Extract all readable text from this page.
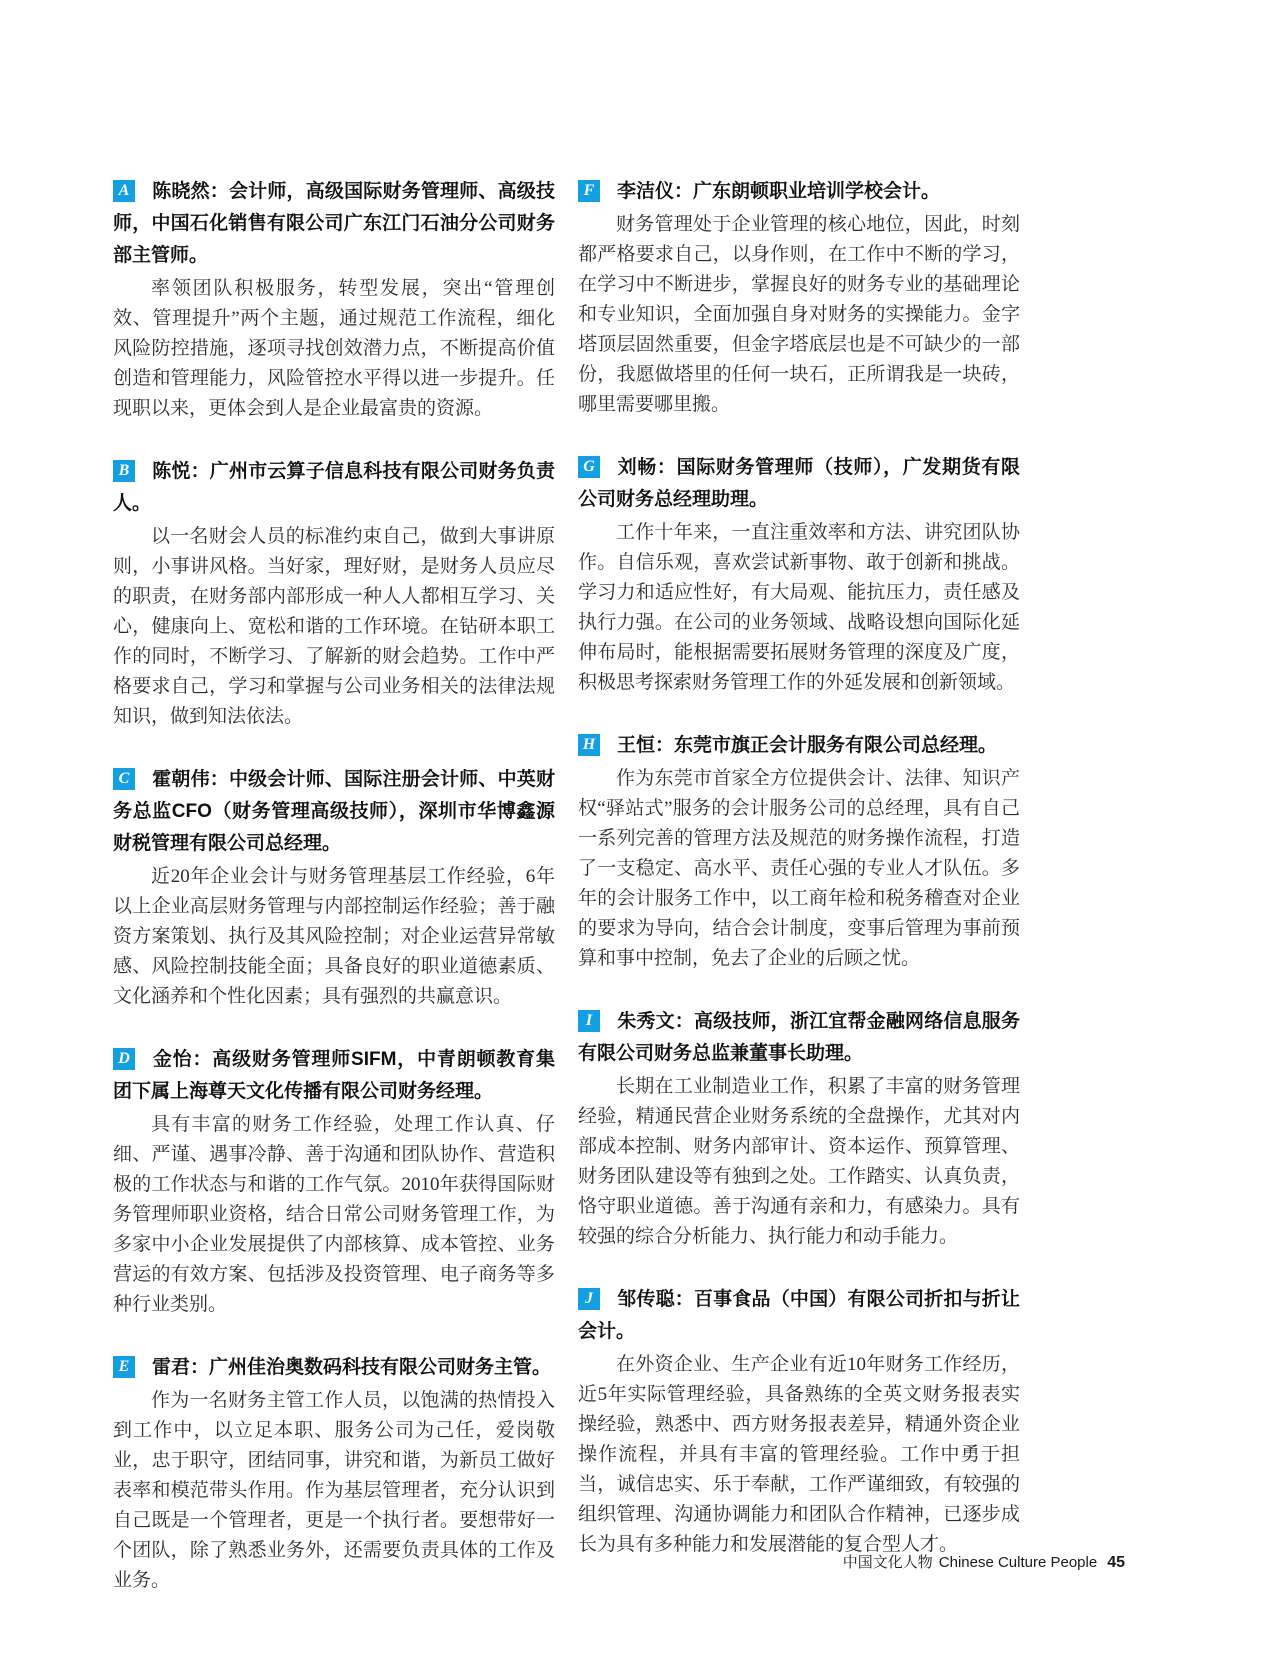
A 陈晓然：会计师，高级国际财务管理师、高级技师，中国石化销售有限公司广东江门石油分公司财务部主管师。

率领团队积极服务，转型发展，突出“管理创效、管理提升”两个主题，通过规范工作流程，细化风险防控措施，逐项寻找创效潜力点，不断提高价值创造和管理能力，风险管控水平得以进一步提升。任现职以来，更体会到人是企业最富贵的资源。

B 陈悦：广州市云算子信息科技有限公司财务负责人。

以一名财会人员的标准约束自己，做到大事讲原则，小事讲风格。当好家，理好财，是财务人员应尽的职责，在财务部内部形成一种人人都相互学习、关心，健康向上、宽松和谐的工作环境。在钻研本职工作的同时，不断学习、了解新的财会趋势。工作中严格要求自己，学习和掌握与公司业务相关的法律法规知识，做到知法依法。

C 霍朝伟：中级会计师、国际注册会计师、中英财务总监CFO（财务管理高级技师），深圳市华博鑫源财税管理有限公司总经理。

近20年企业会计与财务管理基层工作经验，6年以上企业高层财务管理与内部控制运作经验；善于融资方案策划、执行及其风险控制；对企业运营异常敏感、风险控制技能全面；具备良好的职业道德素质、文化涵养和个性化因素；具有强烈的共赢意识。

D 金怡：高级财务管理师SIFM，中青朗顿教育集团下属上海尊天文化传播有限公司财务经理。

具有丰富的财务工作经验，处理工作认真、仔细、严谨、遇事冷静、善于沟通和团队协作、营造积极的工作状态与和谐的工作气氛。2010年获得国际财务管理师职业资格，结合日常公司财务管理工作，为多家中小企业发展提供了内部核算、成本管控、业务营运的有效方案、包括涉及投资管理、电子商务等多种行业类别。

E 雷君：广州佳治奥数码科技有限公司财务主管。

作为一名财务主管工作人员，以饱满的热情投入到工作中，以立足本职、服务公司为己任，爱岗敬业，忠于职守，团结同事，讲究和谐，为新员工做好表率和模范带头作用。作为基层管理者，充分认识到自己既是一个管理者，更是一个执行者。要想带好一个团队，除了熟悉业务外，还需要负责具体的工作及业务。

F 李洁仪：广东朗顿职业培训学校会计。

财务管理处于企业管理的核心地位，因此，时刻都严格要求自己，以身作则，在工作中不断的学习，在学习中不断进步，掌握良好的财务专业的基础理论和专业知识，全面加强自身对财务的实操能力。金字塔顶层固然重要，但金字塔底层也是不可缺少的一部份，我愿做塔里的任何一块石，正所谓我是一块砖，哪里需要哪里搬。

G 刘畅：国际财务管理师（技师），广发期货有限公司财务总经理助理。

工作十年来，一直注重效率和方法、讲究团队协作。自信乐观，喜欢尝试新事物、敢于创新和挑战。学习力和适应性好，有大局观、能抗压力，责任感及执行力强。在公司的业务领域、战略设想向国际化延伸布局时，能根据需要拓展财务管理的深度及广度，积极思考探索财务管理工作的外延发展和创新领域。

H 王恒：东莞市旗正会计服务有限公司总经理。

作为东莞市首家全方位提供会计、法律、知识产权“驿站式”服务的会计服务公司的总经理，具有自己一系列完善的管理方法及规范的财务操作流程，打造了一支稳定、高水平、责任心强的专业人才队伍。多年的会计服务工作中，以工商年检和税务稽查对企业的要求为导向，结合会计制度，变事后管理为事前预算和事中控制，免去了企业的后顾之忧。

I 朱秀文：高级技师，浙江宜帮金融网络信息服务有限公司财务总监兼董事长助理。

长期在工业制造业工作，积累了丰富的财务管理经验，精通民营企业财务系统的全盘操作，尤其对内部成本控制、财务内部审计、资本运作、预算管理、财务团队建设等有独到之处。工作踏实、认真负责，恪守职业道德。善于沟通有亲和力，有感染力。具有较强的综合分析能力、执行能力和动手能力。

J 邹传聪：百事食品（中国）有限公司折扣与折让会计。

在外资企业、生产企业有近10年财务工作经历，近5年实际管理经验，具备熟练的全英文财务报表实操经验，熟悉中、西方财务报表差异，精通外资企业操作流程，并具有丰富的管理经验。工作中勇于担当，诚信忠实、乐于奉献，工作严谨细致，有较强的组织管理、沟通协调能力和团队合作精神，已逐步成长为具有多种能力和发展潜能的复合型人才。

中国文化人物 Chinese Culture People 45
